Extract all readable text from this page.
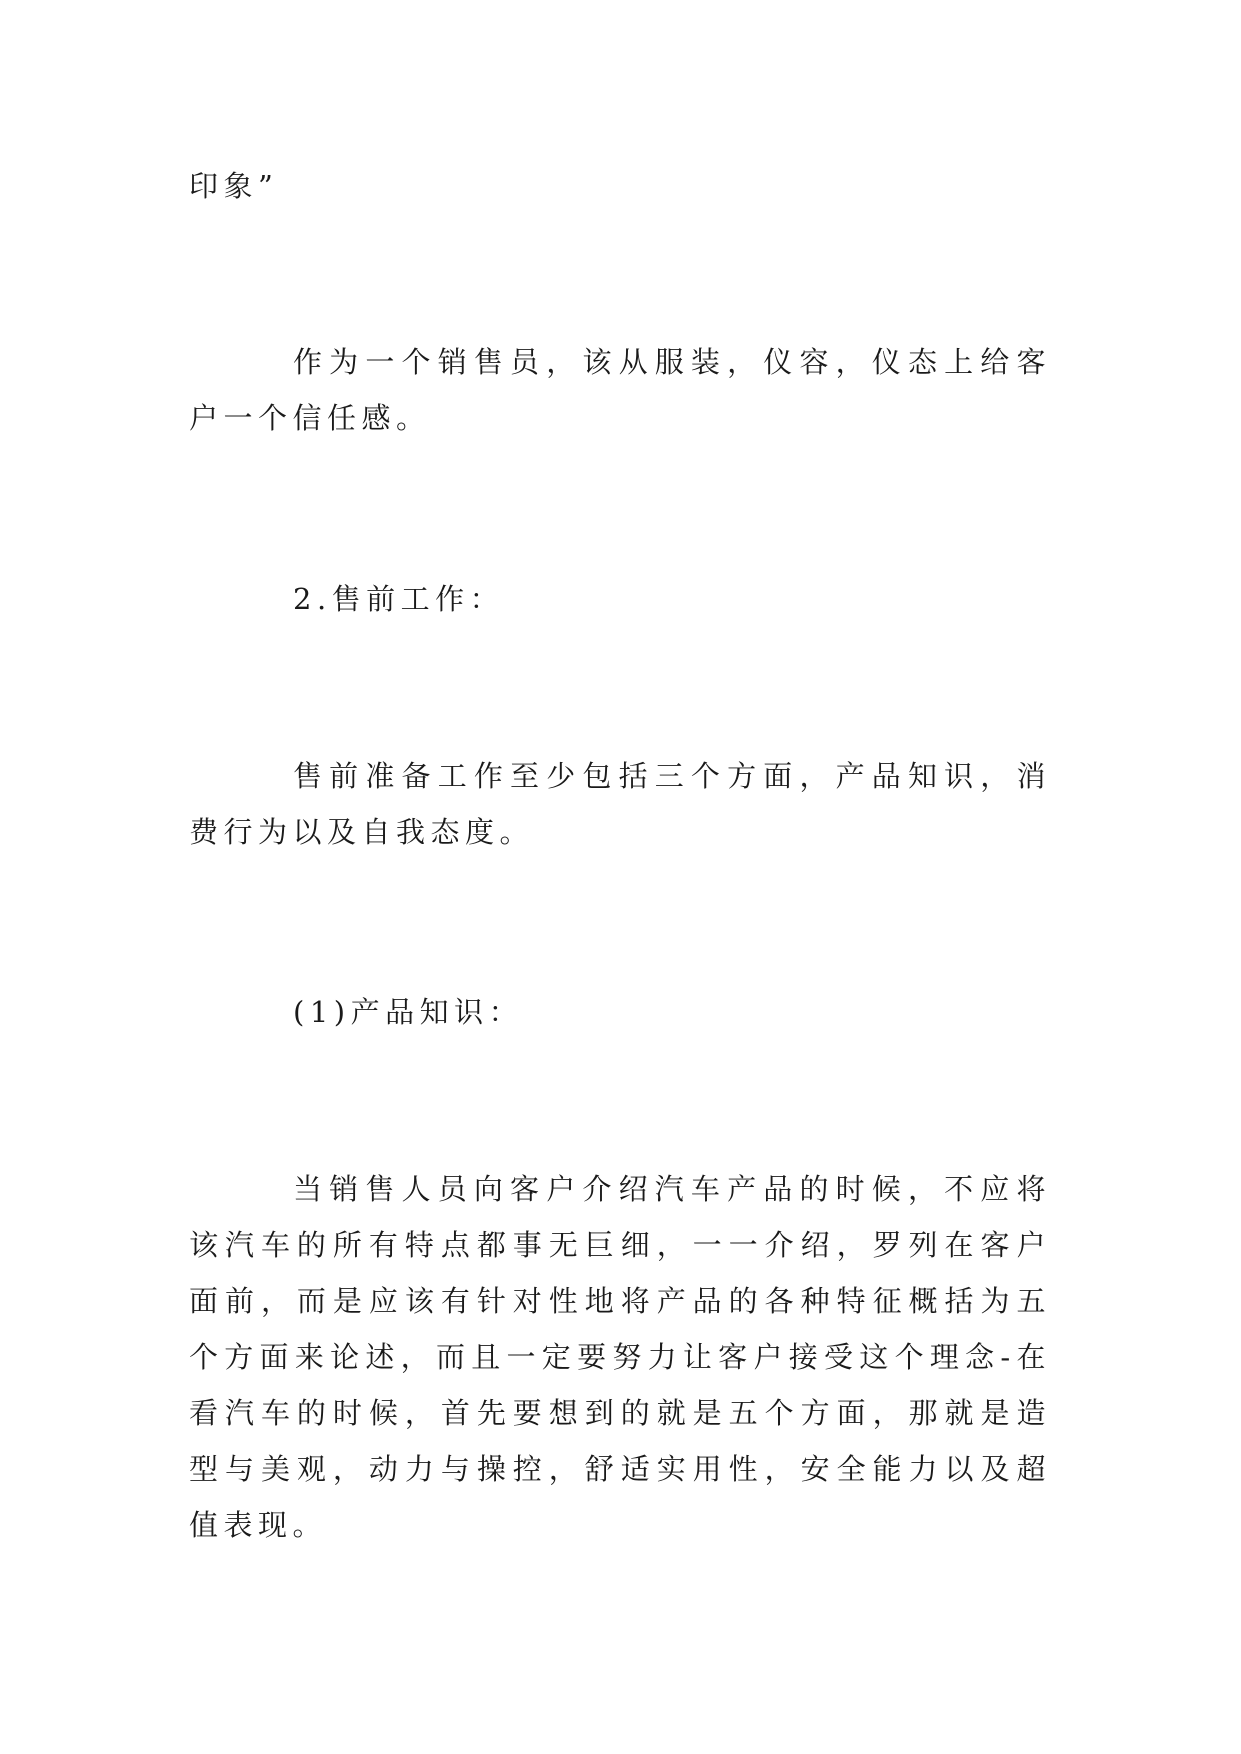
印象”

作为一个销售员，该从服装，仪容，仪态上给客户一个信任感。

2.售前工作：

售前准备工作至少包括三个方面，产品知识，消费行为以及自我态度。

(1)产品知识：

当销售人员向客户介绍汽车产品的时候，不应将该汽车的所有特点都事无巨细，一一介绍，罗列在客户面前，而是应该有针对性地将产品的各种特征概括为五个方面来论述，而且一定要努力让客户接受这个理念-在看汽车的时候，首先要想到的就是五个方面，那就是造型与美观，动力与操控，舒适实用性，安全能力以及超值表现。
